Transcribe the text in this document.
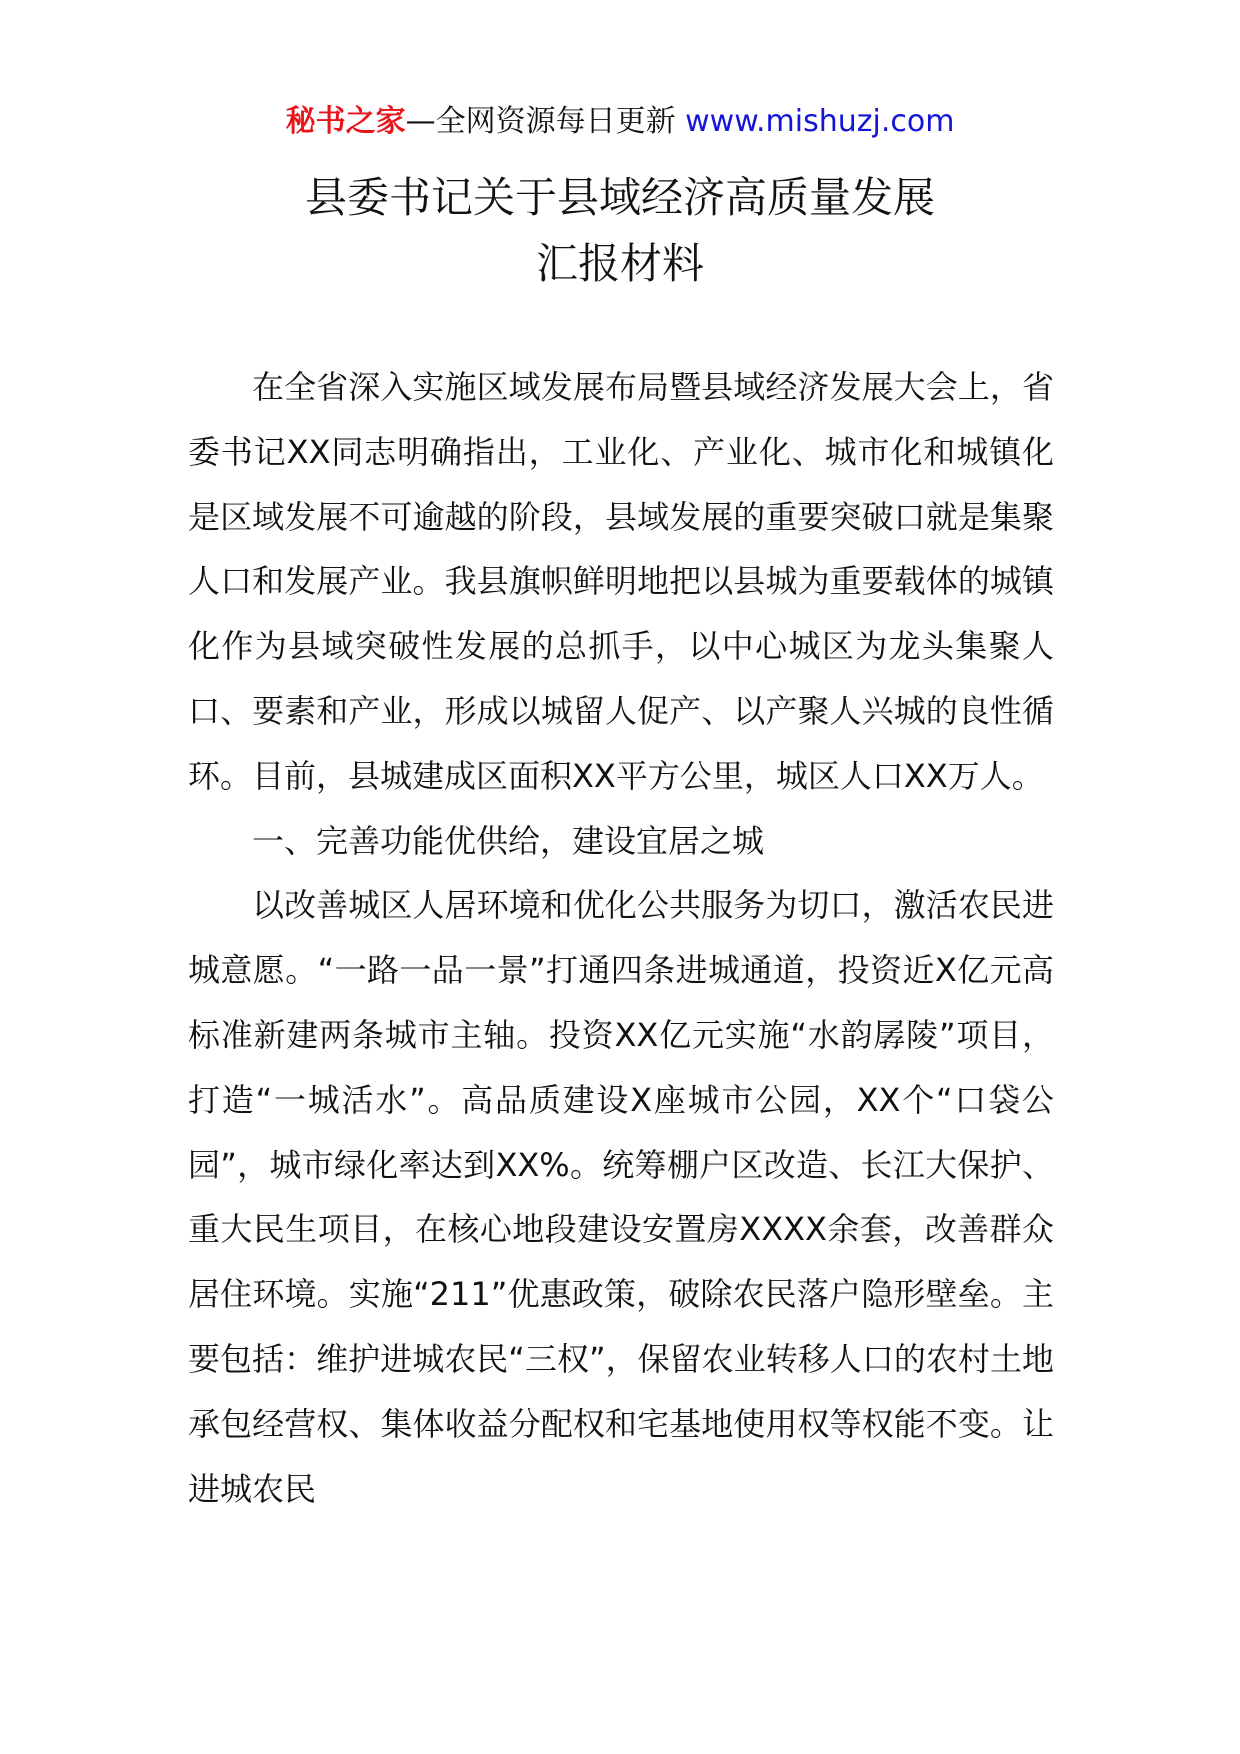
秘书之家—全网资源每日更新 www.mishuzj.com
县委书记关于县域经济高质量发展
汇报材料

在全省深入实施区域发展布局暨县域经济发展大会上，省委书记XX同志明确指出，工业化、产业化、城市化和城镇化是区域发展不可逾越的阶段，县域发展的重要突破口就是集聚人口和发展产业。我县旗帜鲜明地把以县城为重要载体的城镇化作为县域突破性发展的总抓手，以中心城区为龙头集聚人口、要素和产业，形成以城留人促产、以产聚人兴城的良性循环。目前，县城建成区面积XX平方公里，城区人口XX万人。

一、完善功能优供给，建设宜居之城

以改善城区人居环境和优化公共服务为切口，激活农民进城意愿。“一路一品一景”打通四条进城通道，投资近X亿元高标准新建两条城市主轴。投资XX亿元实施“水韵孱陵”项目，打造“一城活水”。高品质建设X座城市公园，XX个“口袋公园”，城市绿化率达到XX%。统筹棚户区改造、长江大保护、重大民生项目，在核心地段建设安置房XXXX余套，改善群众居住环境。实施“211”优惠政策，破除农民落户隐形壁垒。主要包括：维护进城农民“三权”，保留农业转移人口的农村土地承包经营权、集体收益分配权和宅基地使用权等权能不变。让进城农民
